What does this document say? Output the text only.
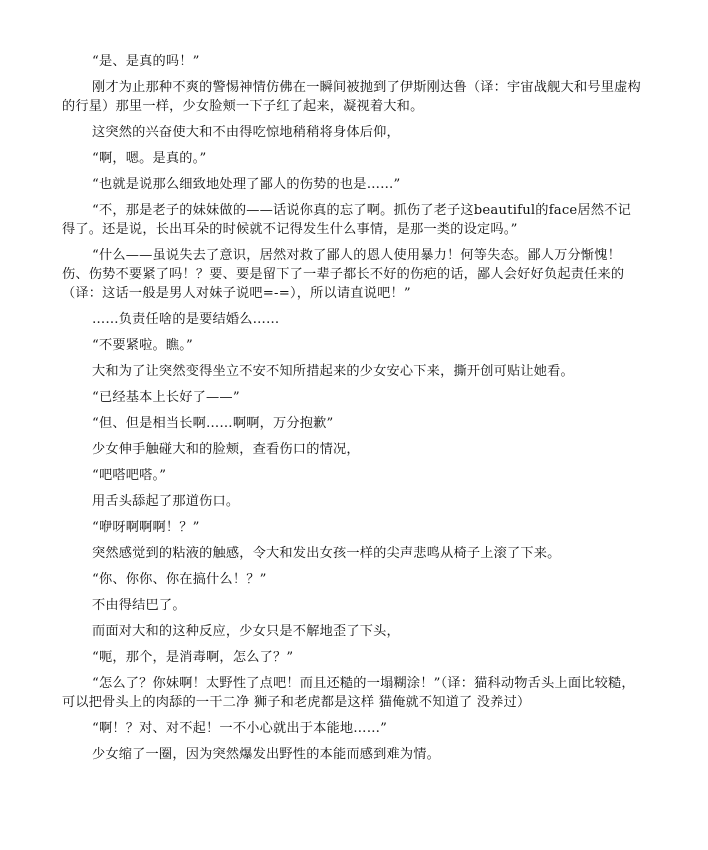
“是、是真的吗！”

刚才为止那种不爽的警惕神情仿佛在一瞬间被抛到了伊斯刚达鲁（译：宇宙战舰大和号里虚构的行星）那里一样，少女脸颊一下子红了起来，凝视着大和。

这突然的兴奋使大和不由得吃惊地稍稍将身体后仰，

“啊，嗯。是真的。”

“也就是说那么细致地处理了鄙人的伤势的也是……”

“不，那是老子的妹妹做的——话说你真的忘了啊。抓伤了老子这beautiful的face居然不记得了。还是说，长出耳朵的时候就不记得发生什么事情，是那一类的设定吗。”

“什么——虽说失去了意识，居然对救了鄙人的恩人使用暴力！何等失态。鄙人万分惭愧！伤、伤势不要紧了吗！？要、要是留下了一辈子都长不好的伤疤的话，鄙人会好好负起责任来的（译：这话一般是男人对妹子说吧=-=），所以请直说吧！”

……负责任啥的是要结婚么……

“不要紧啦。瞧。”

大和为了让突然变得坐立不安不知所措起来的少女安心下来，撕开创可贴让她看。

“已经基本上长好了——”

“但、但是相当长啊……啊啊，万分抱歉”

少女伸手触碰大和的脸颊，查看伤口的情况，

“吧嗒吧嗒。”

用舌头舔起了那道伤口。

“咿呀啊啊啊！？”

突然感觉到的粘液的触感，令大和发出女孩一样的尖声悲鸣从椅子上滚了下来。

“你、你你、你在搞什么！？”

不由得结巴了。

而面对大和的这种反应，少女只是不解地歪了下头，

“呃，那个，是消毒啊，怎么了？”

“怎么了？你妹啊！太野性了点吧！而且还糙的一塌糊涂！”（译：猫科动物舌头上面比较糙，可以把骨头上的肉舔的一干二净 狮子和老虎都是这样 猫俺就不知道了 没养过）

“啊！？对、对不起！一不小心就出于本能地……”

少女缩了一圈，因为突然爆发出野性的本能而感到难为情。
